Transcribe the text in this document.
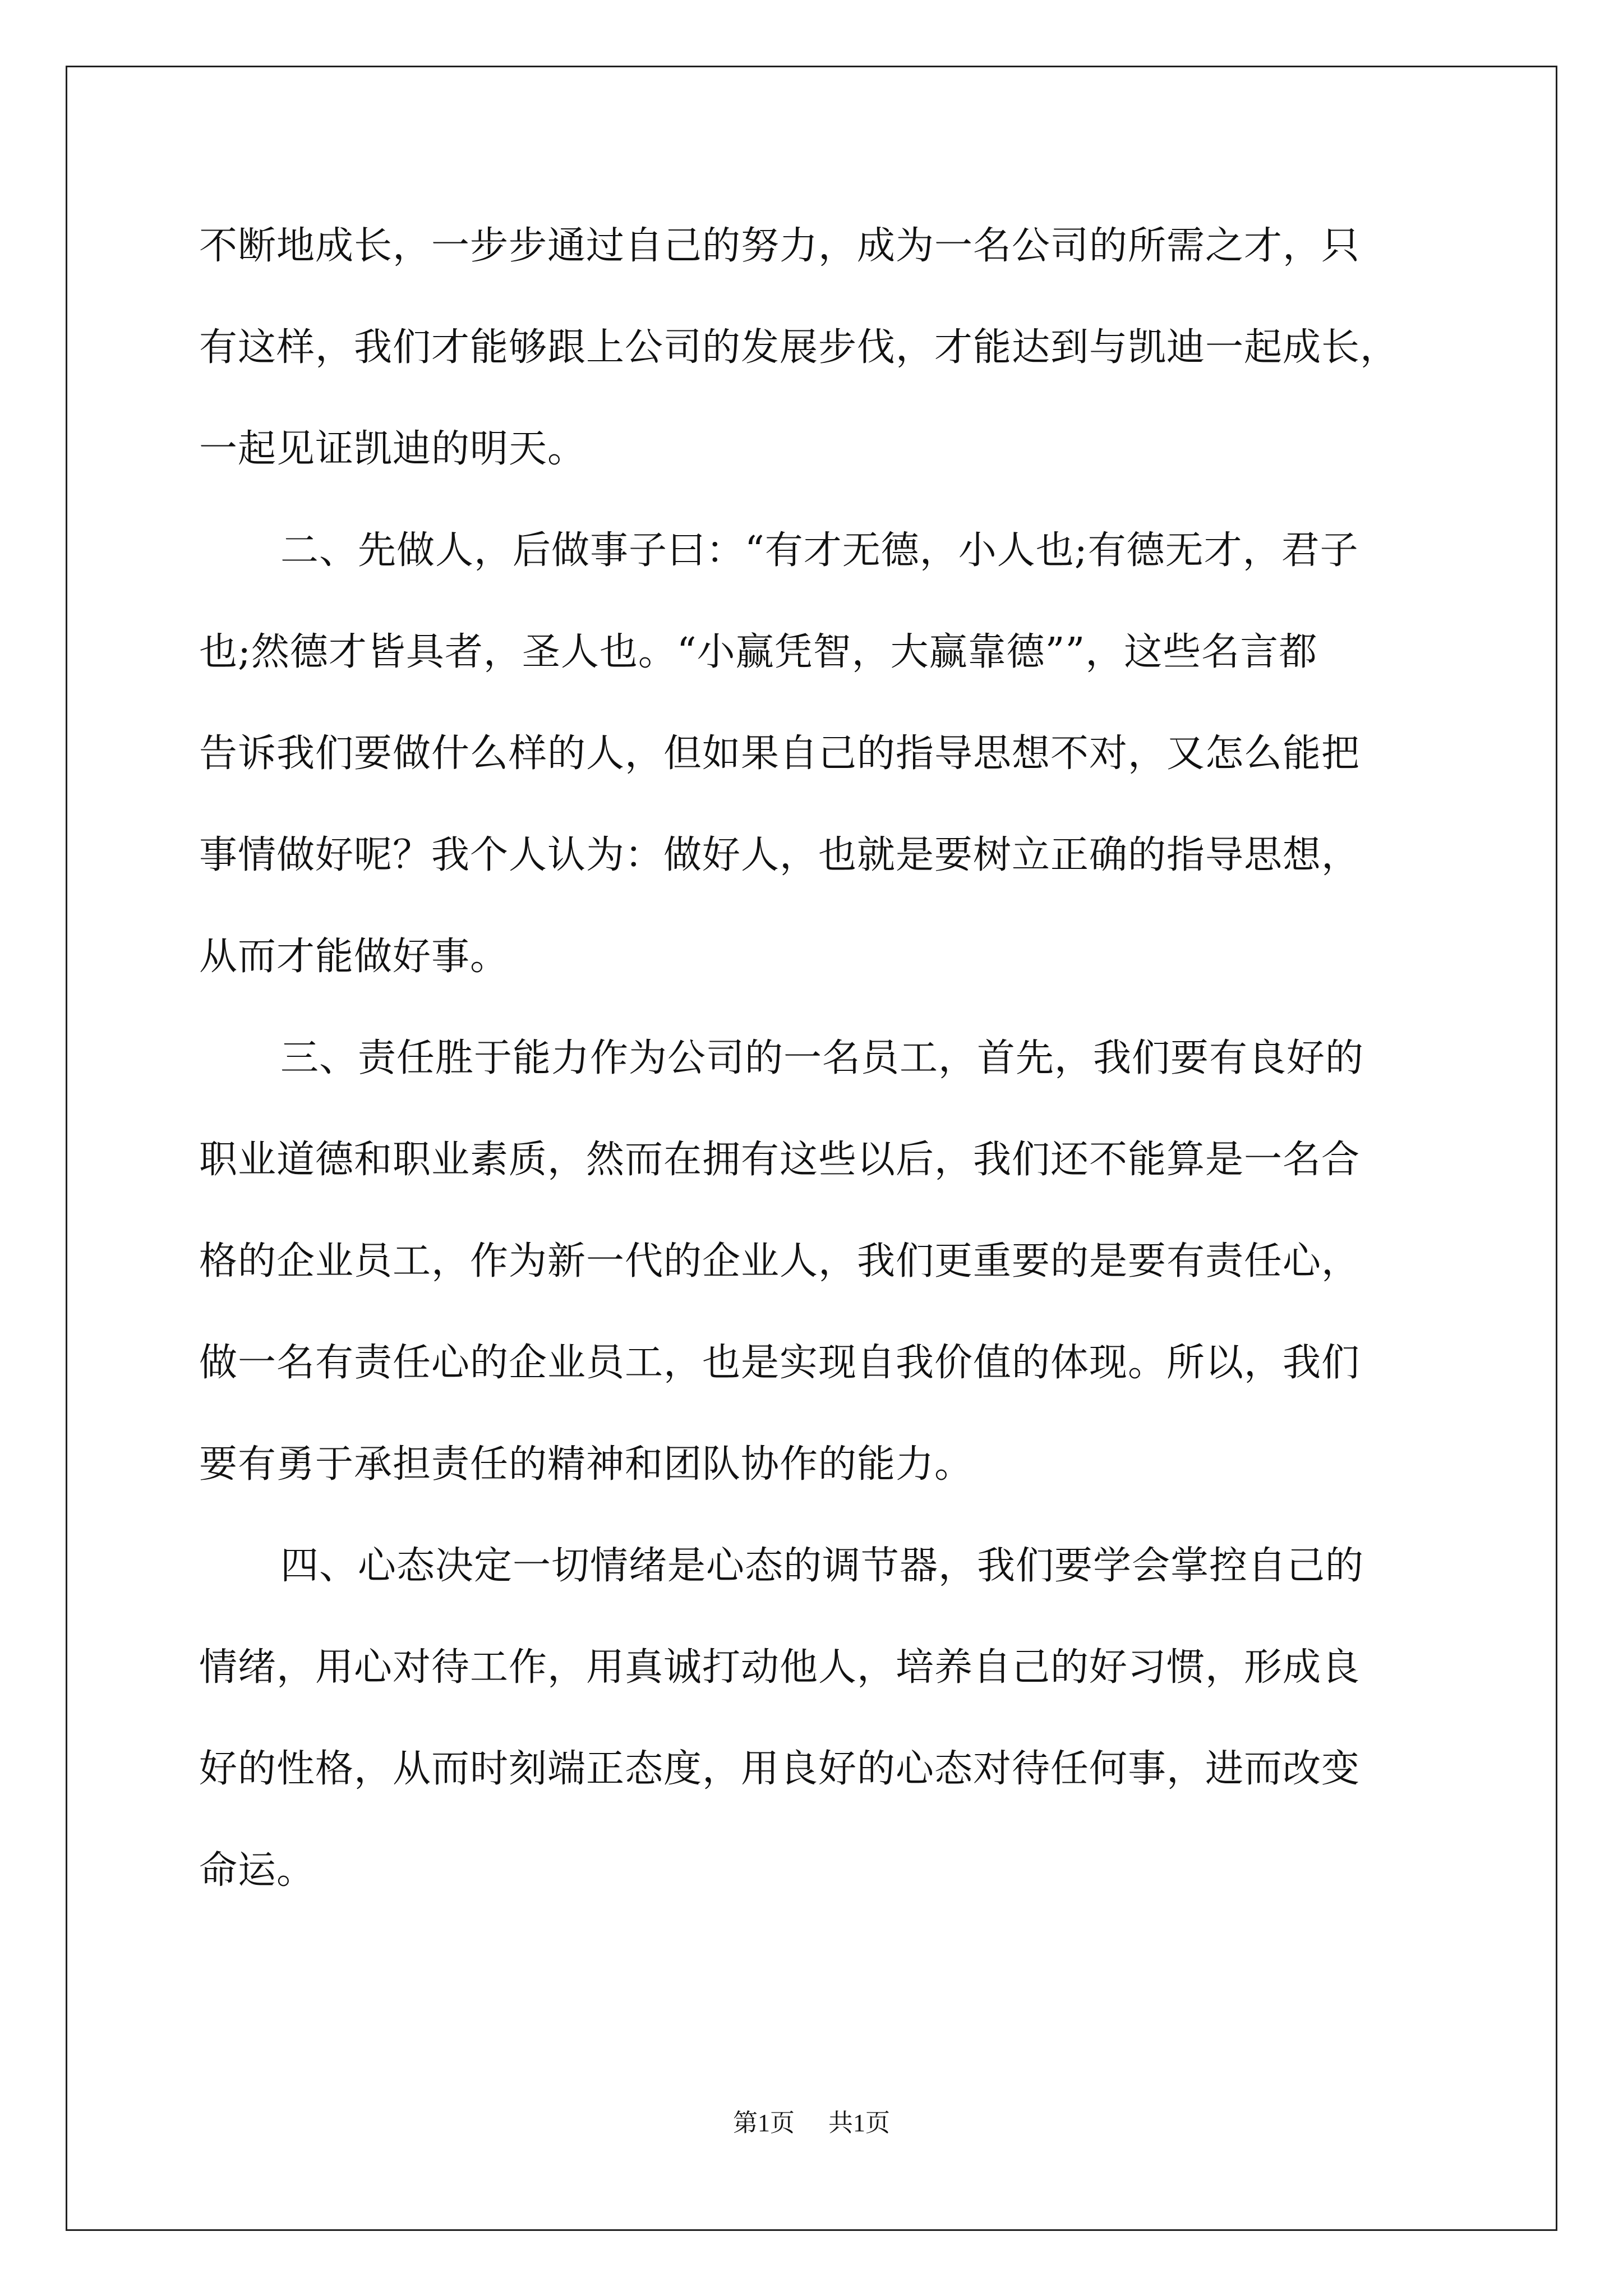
不断地成长，一步步通过自己的努力，成为一名公司的所需之才，只
有这样，我们才能够跟上公司的发展步伐，才能达到与凯迪一起成长，
一起见证凯迪的明天。
二、先做人，后做事子曰：“有才无德，小人也;有德无才，君子
也;然德才皆具者，圣人也。“小赢凭智，大赢靠德””，这些名言都
告诉我们要做什么样的人，但如果自己的指导思想不对，又怎么能把
事情做好呢？我个人认为：做好人，也就是要树立正确的指导思想，
从而才能做好事。
三、责任胜于能力作为公司的一名员工，首先，我们要有良好的
职业道德和职业素质，然而在拥有这些以后，我们还不能算是一名合
格的企业员工，作为新一代的企业人，我们更重要的是要有责任心，
做一名有责任心的企业员工，也是实现自我价值的体现。所以，我们
要有勇于承担责任的精神和团队协作的能力。
四、心态决定一切情绪是心态的调节器，我们要学会掌控自己的
情绪，用心对待工作，用真诚打动他人，培养自己的好习惯，形成良
好的性格，从而时刻端正态度，用良好的心态对待任何事，进而改变
命运。
第1页 共1页
